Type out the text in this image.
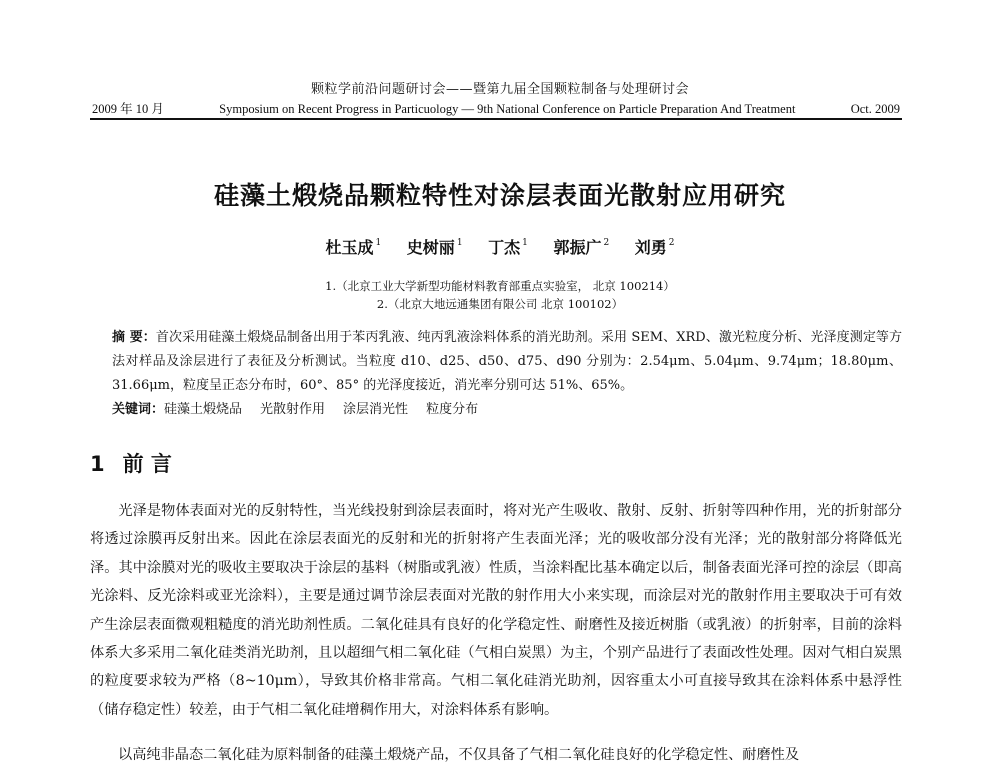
颗粒学前沿问题研讨会——暨第九届全国颗粒制备与处理研讨会
2009 年 10 月	Symposium on Recent Progress in Particuology — 9th National Conference on Particle Preparation And Treatment	Oct. 2009
硅藻土煅烧品颗粒特性对涂层表面光散射应用研究
杜玉成 $^1$ 史树丽 $^1$ 丁杰 $^1$ 郭振广 $^2$ 刘勇 $^2$
1.（北京工业大学新型功能材料教育部重点实验室， 北京 100214）
2.（北京大地远通集团有限公司 北京 100102）
摘 要：首次采用硅藻土煅烧品制备出用于苯丙乳液、纯丙乳液涂料体系的消光助剂。采用 SEM、XRD、激光粒度分析、光泽度测定等方法对样品及涂层进行了表征及分析测试。当粒度 d10、d25、d50、d75、d90 分别为：2.54μm、5.04μm、9.74μm；18.80μm、31.66μm，粒度呈正态分布时，60°、85° 的光泽度接近，消光率分别可达 51%、65%。
关键词：硅藻土煅烧品 光散射作用 涂层消光性 粒度分布
1 前 言

光泽是物体表面对光的反射特性，当光线投射到涂层表面时，将对光产生吸收、散射、反射、折射等四种作用，光的折射部分将透过涂膜再反射出来。因此在涂层表面光的反射和光的折射将产生表面光泽；光的吸收部分没有光泽；光的散射部分将降低光泽。其中涂膜对光的吸收主要取决于涂层的基料（树脂或乳液）性质，当涂料配比基本确定以后，制备表面光泽可控的涂层（即高光涂料、反光涂料或亚光涂料），主要是通过调节涂层表面对光散的射作用大小来实现，而涂层对光的散射作用主要取决于可有效产生涂层表面微观粗糙度的消光助剂性质。二氧化硅具有良好的化学稳定性、耐磨性及接近树脂（或乳液）的折射率，目前的涂料体系大多采用二氧化硅类消光助剂，且以超细气相二氧化硅（气相白炭黑）为主，个别产品进行了表面改性处理。因对气相白炭黑的粒度要求较为严格（8~10μm），导致其价格非常高。气相二氧化硅消光助剂，因容重太小可直接导致其在涂料体系中悬浮性（储存稳定性）较差，由于气相二氧化硅增稠作用大，对涂料体系有影响。

以高纯非晶态二氧化硅为原料制备的硅藻土煅烧产品，不仅具备了气相二氧化硅良好的化学稳定性、耐磨性及
